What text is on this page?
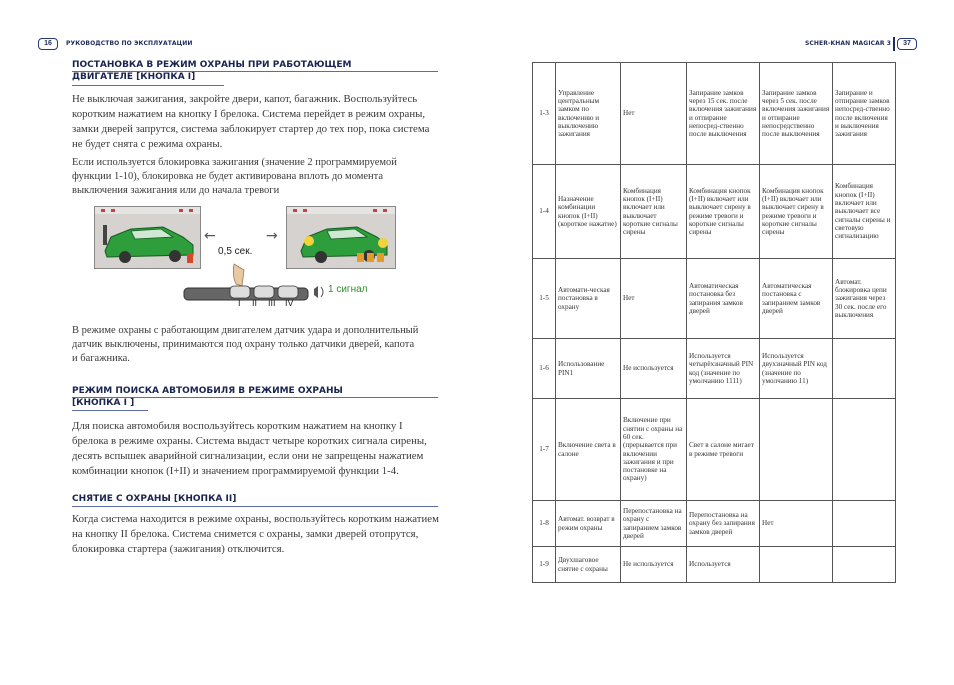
16	РУКОВОДСТВО ПО ЭКСПЛУАТАЦИИ	SCHER-KHAN MAGICAR 3	37
ПОСТАНОВКА В РЕЖИМ ОХРАНЫ ПРИ РАБОТАЮЩЕМ
ДВИГАТЕЛЕ [КНОПКА I]
Не выключая зажигания, закройте двери, капот, багажник. Воспользуйтесь коротким нажатием на кнопку I брелока. Система перейдет в режим охраны, замки дверей запрутся, система заблокирует стартер до тех пор, пока система не будет снята с режима охраны.
Если используется блокировка зажигания (значение 2 программируемой функции 1-10), блокировка не будет активирована вплоть до момента выключения зажигания или до начала тревоги
←
0,5 сек.
→
1 сигнал
I II III IV
В режиме охраны с работающим двигателем датчик удара и дополнительный датчик выключены, принимаются под охрану только датчики дверей, капота и багажника.
РЕЖИМ ПОИСКА АВТОМОБИЛЯ В РЕЖИМЕ ОХРАНЫ
[КНОПКА I ]
Для поиска автомобиля воспользуйтесь коротким нажатием на кнопку I брелока в режиме охраны. Система выдаст четыре коротких сигнала сирены, десять вспышек аварийной сигнализации, если они не запрещены нажатием комбинации кнопок (I+II) и значением программируемой функции 1-4.
СНЯТИЕ С ОХРАНЫ [КНОПКА II]
Когда система находится в режиме охраны, воспользуйтесь коротким нажатием на кнопку II брелока. Система снимется с охраны, замки дверей отопрутся, блокировка стартера (зажигания) отключится.
1-3	Управление центральным замком по включению и выключению зажигания	Нет	Запирание замков через 15 сек. после включения зажигания и отпирание непосред-ственно после выключения	Запирание замков через 5 сек. после включения зажигания и отпирание непосредственно после выключения	Запирание и отпирание замков непосред-ственно после включения и выключения зажигания
1-4	Назначение комбинации кнопок (I+II) (короткое нажатие)	Комбинация кнопок (I+II) включает или выключает короткие сигналы сирены	Комбинация кнопок (I+II) включает или выключает сирену в режиме тревоги и короткие сигналы сирены	Комбинация кнопок (I+II) включает или выключает сирену в режиме тревоги и короткие сигналы сирены	Комбинация кнопок (I+II) включает или выключает все сигналы сирены и световую сигнализацию
1-5	Автомати-ческая постановка в охрану	Нет	Автоматическая постановка без запирания замков дверей	Автоматическая постановка с запиранием замков дверей	Автомат. блокировка цепи зажигания через 30 сек. после его выключения
1-6	Использование PIN1	Не используется	Используется четырёхзначный PIN код (значение по умолчанию 1111)	Используется двухзначный PIN код (значение по умолчанию 11)	
1-7	Включение света в салоне	Включение при снятии с охраны на 60 сек. (прерывается при включении зажигания и при постановке на охрану)	Свет в салоне мигает в режиме тревоги		
1-8	Автомат. возврат в режим охраны	Перепостановка на охрану с запиранием замков дверей	Перепостановка на охрану без запирания замков дверей	Нет	
1-9	Двухшаговое снятие с охраны	Не используется	Используется		
